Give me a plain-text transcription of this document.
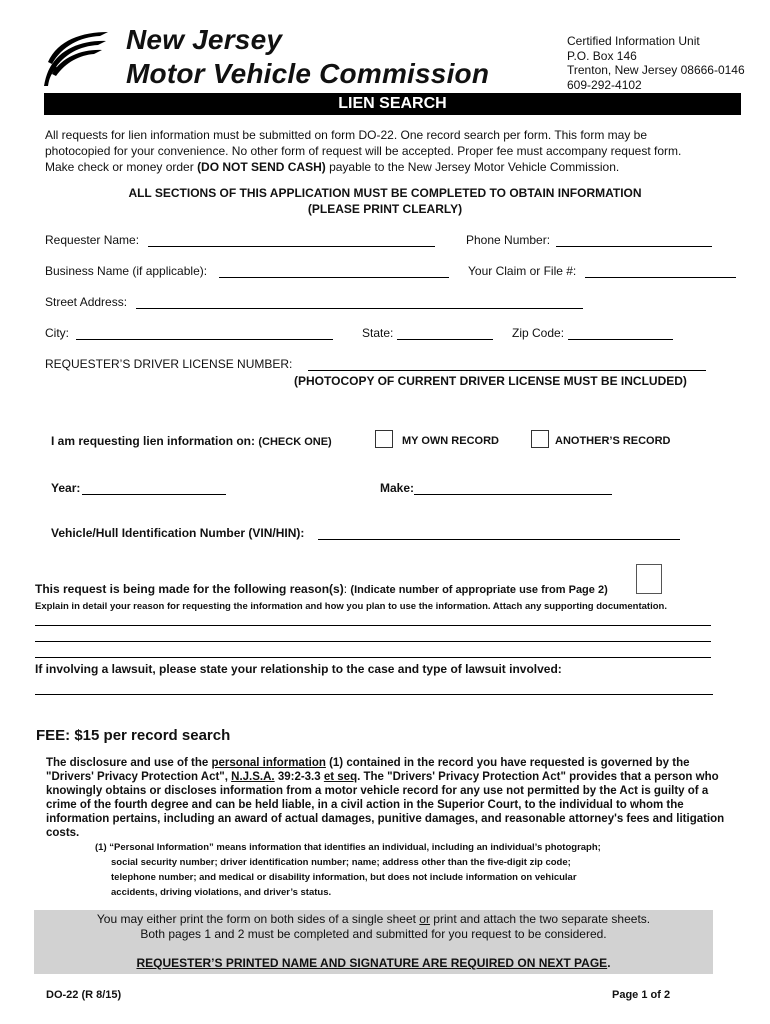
New Jersey
Motor Vehicle Commission
Certified Information Unit
P.O. Box 146
Trenton, New Jersey 08666-0146
609-292-4102
LIEN SEARCH
All requests for lien information must be submitted on form DO-22. One record search per form. This form may be
photocopied for your convenience. No other form of request will be accepted. Proper fee must accompany request form.
Make check or money order (DO NOT SEND CASH) payable to the New Jersey Motor Vehicle Commission.
ALL SECTIONS OF THIS APPLICATION MUST BE COMPLETED TO OBTAIN INFORMATION
(PLEASE PRINT CLEARLY)
Requester Name:	Phone Number:
Business Name (if applicable):	Your Claim or File #:
Street Address:
City:	State:	Zip Code:
REQUESTER’S DRIVER LICENSE NUMBER:
(PHOTOCOPY OF CURRENT DRIVER LICENSE MUST BE INCLUDED)
I am requesting lien information on: (CHECK ONE)	MY OWN RECORD	ANOTHER’S RECORD
Year:	Make:
Vehicle/Hull Identification Number (VIN/HIN):
This request is being made for the following reason(s): (Indicate number of appropriate use from Page 2)
Explain in detail your reason for requesting the information and how you plan to use the information. Attach any supporting documentation.
If involving a lawsuit, please state your relationship to the case and type of lawsuit involved:
FEE: $15 per record search
The disclosure and use of the personal information (1) contained in the record you have requested is governed by the
"Drivers' Privacy Protection Act", N.J.S.A. 39:2-3.3 et seq. The "Drivers' Privacy Protection Act" provides that a person who
knowingly obtains or discloses information from a motor vehicle record for any use not permitted by the Act is guilty of a
crime of the fourth degree and can be held liable, in a civil action in the Superior Court, to the individual to whom the
information pertains, including an award of actual damages, punitive damages, and reasonable attorney's fees and litigation
costs.
(1) “Personal Information” means information that identifies an individual, including an individual’s photograph;
social security number; driver identification number; name; address other than the five-digit zip code;
telephone number; and medical or disability information, but does not include information on vehicular
accidents, driving violations, and driver’s status.
You may either print the form on both sides of a single sheet or print and attach the two separate sheets.
Both pages 1 and 2 must be completed and submitted for you request to be considered.
REQUESTER’S PRINTED NAME AND SIGNATURE ARE REQUIRED ON NEXT PAGE.
DO-22 (R 8/15)	Page 1 of 2
